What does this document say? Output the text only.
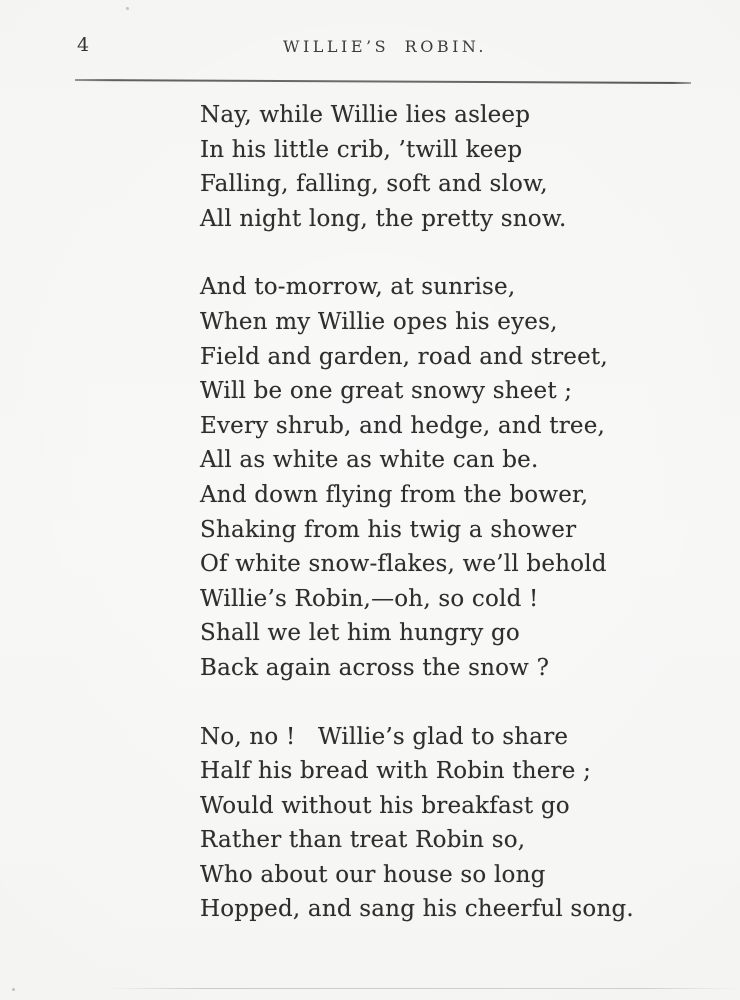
4	WILLIE’S ROBIN.
Nay, while Willie lies asleep
In his little crib, ’twill keep
Falling, falling, soft and slow,
All night long, the pretty snow.
And to-morrow, at sunrise,
When my Willie opes his eyes,
Field and garden, road and street,
Will be one great snowy sheet ;
Every shrub, and hedge, and tree,
All as white as white can be.
And down flying from the bower,
Shaking from his twig a shower
Of white snow-flakes, we’ll behold
Willie’s Robin,—oh, so cold !
Shall we let him hungry go
Back again across the snow ?
No, no !   Willie’s glad to share
Half his bread with Robin there ;
Would without his breakfast go
Rather than treat Robin so,
Who about our house so long
Hopped, and sang his cheerful song.
